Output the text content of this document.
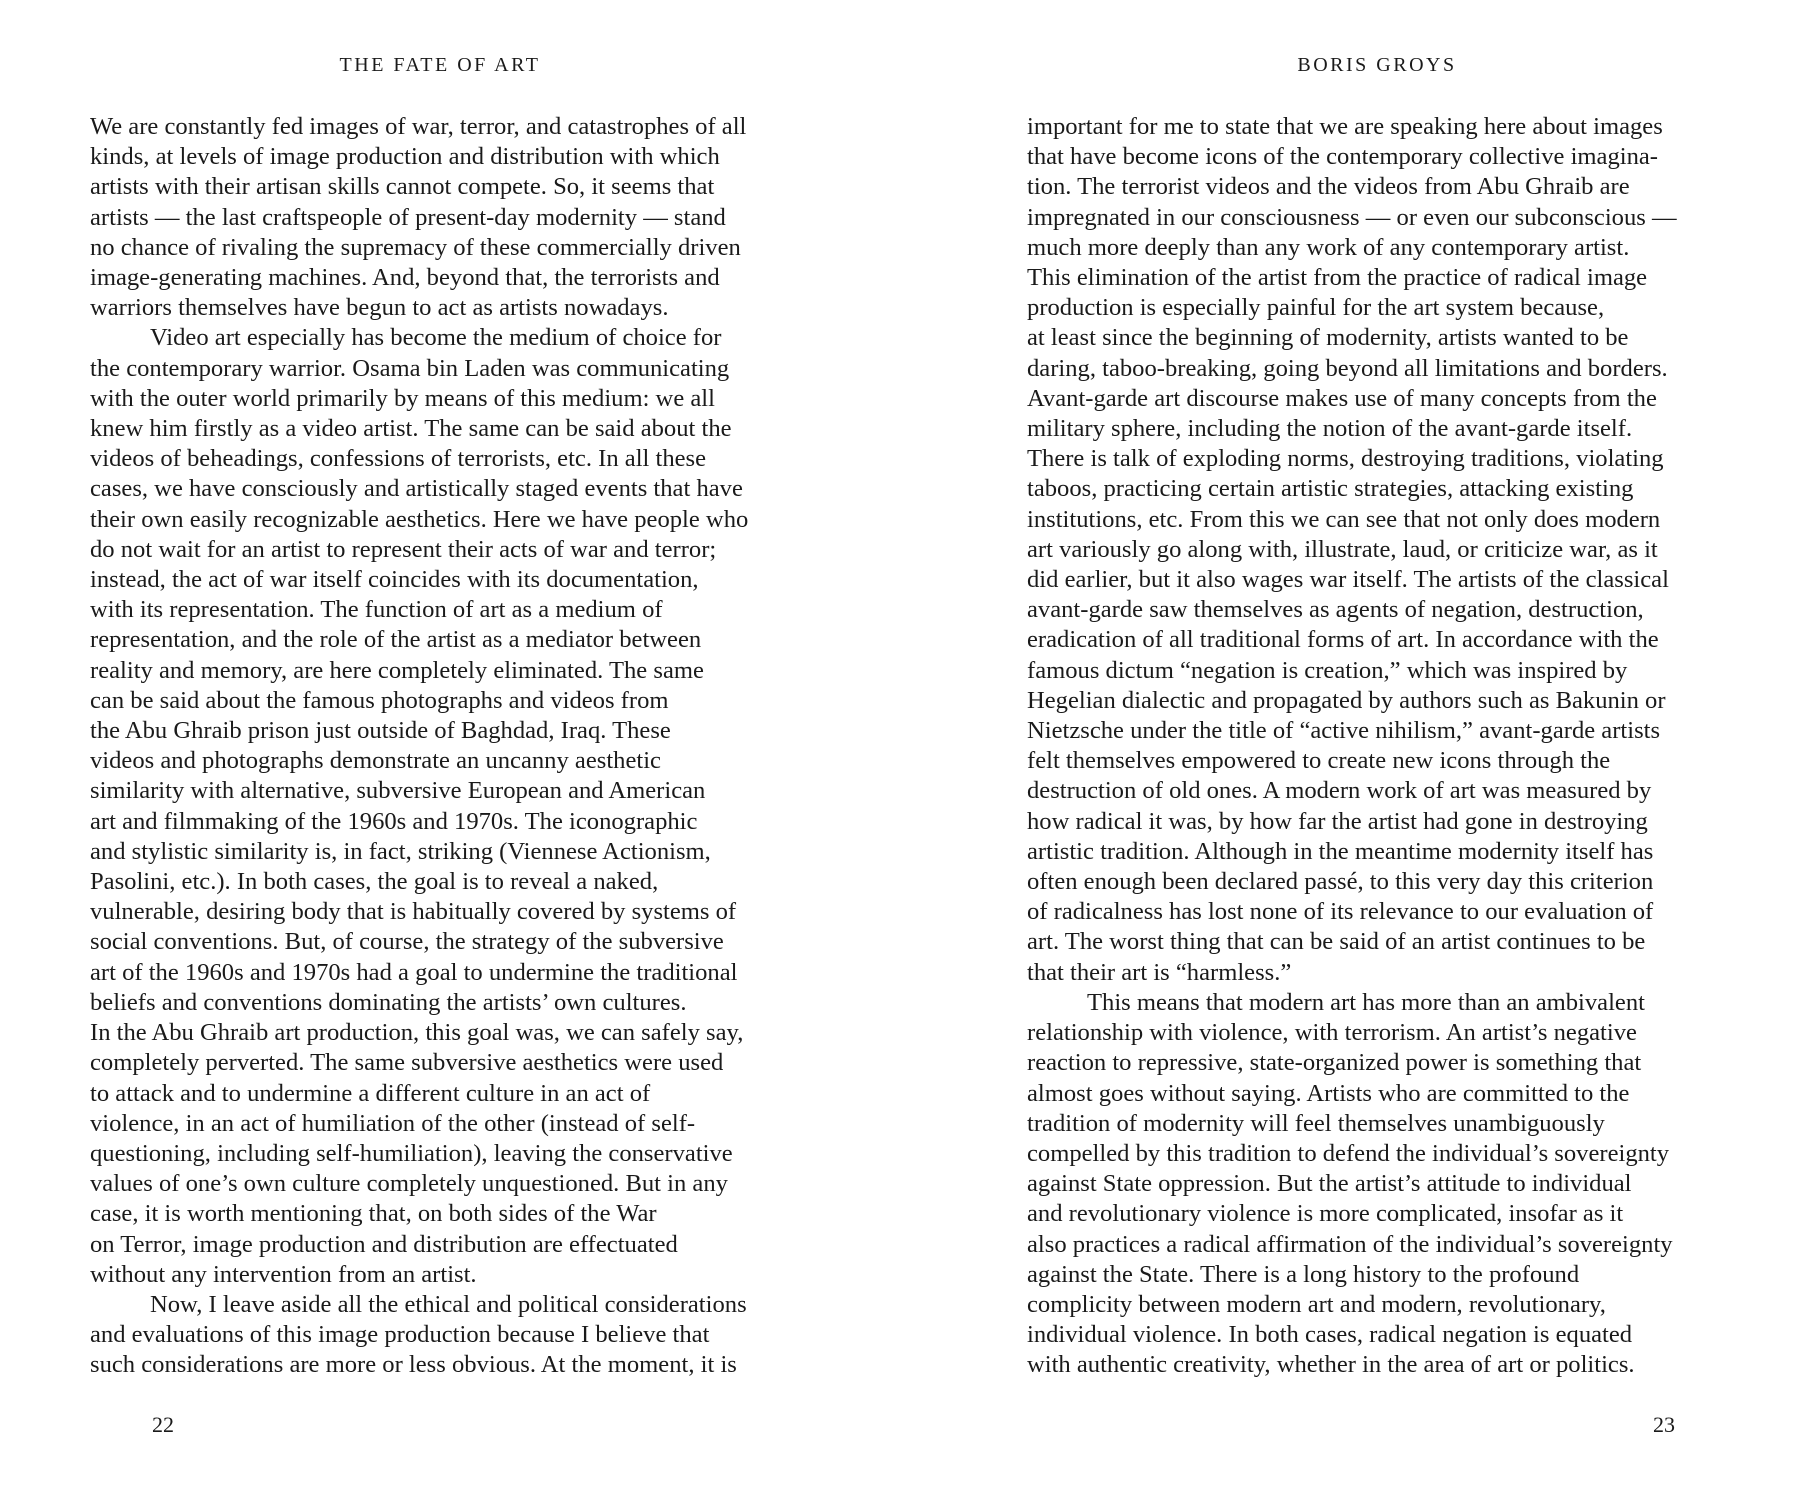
THE FATE OF ART
We are constantly fed images of war, terror, and catastrophes of all
kinds, at levels of image production and distribution with which
artists with their artisan skills cannot compete. So, it seems that
artists — the last craftspeople of present-day modernity — stand
no chance of rivaling the supremacy of these commercially driven
image-generating machines. And, beyond that, the terrorists and
warriors themselves have begun to act as artists nowadays.
Video art especially has become the medium of choice for
the contemporary warrior. Osama bin Laden was communicating
with the outer world primarily by means of this medium: we all
knew him firstly as a video artist. The same can be said about the
videos of beheadings, confessions of terrorists, etc. In all these
cases, we have consciously and artistically staged events that have
their own easily recognizable aesthetics. Here we have people who
do not wait for an artist to represent their acts of war and terror;
instead, the act of war itself coincides with its documentation,
with its representation. The function of art as a medium of
representation, and the role of the artist as a mediator between
reality and memory, are here completely eliminated. The same
can be said about the famous photographs and videos from
the Abu Ghraib prison just outside of Baghdad, Iraq. These
videos and photographs demonstrate an uncanny aesthetic
similarity with alternative, subversive European and American
art and filmmaking of the 1960s and 1970s. The iconographic
and stylistic similarity is, in fact, striking (Viennese Actionism,
Pasolini, etc.). In both cases, the goal is to reveal a naked,
vulnerable, desiring body that is habitually covered by systems of
social conventions. But, of course, the strategy of the subversive
art of the 1960s and 1970s had a goal to undermine the traditional
beliefs and conventions dominating the artists’ own cultures.
In the Abu Ghraib art production, this goal was, we can safely say,
completely perverted. The same subversive aesthetics were used
to attack and to undermine a different culture in an act of
violence, in an act of humiliation of the other (instead of self-
questioning, including self-humiliation), leaving the conservative
values of one’s own culture completely unquestioned. But in any
case, it is worth mentioning that, on both sides of the War
on Terror, image production and distribution are effectuated
without any intervention from an artist.
Now, I leave aside all the ethical and political considerations
and evaluations of this image production because I believe that
such considerations are more or less obvious. At the moment, it is
22
BORIS GROYS
important for me to state that we are speaking here about images
that have become icons of the contemporary collective imagina-
tion. The terrorist videos and the videos from Abu Ghraib are
impregnated in our consciousness — or even our subconscious —
much more deeply than any work of any contemporary artist.
This elimination of the artist from the practice of radical image
production is especially painful for the art system because,
at least since the beginning of modernity, artists wanted to be
daring, taboo-breaking, going beyond all limitations and borders.
Avant-garde art discourse makes use of many concepts from the
military sphere, including the notion of the avant-garde itself.
There is talk of exploding norms, destroying traditions, violating
taboos, practicing certain artistic strategies, attacking existing
institutions, etc. From this we can see that not only does modern
art variously go along with, illustrate, laud, or criticize war, as it
did earlier, but it also wages war itself. The artists of the classical
avant-garde saw themselves as agents of negation, destruction,
eradication of all traditional forms of art. In accordance with the
famous dictum “negation is creation,” which was inspired by
Hegelian dialectic and propagated by authors such as Bakunin or
Nietzsche under the title of “active nihilism,” avant-garde artists
felt themselves empowered to create new icons through the
destruction of old ones. A modern work of art was measured by
how radical it was, by how far the artist had gone in destroying
artistic tradition. Although in the meantime modernity itself has
often enough been declared passé, to this very day this criterion
of radicalness has lost none of its relevance to our evaluation of
art. The worst thing that can be said of an artist continues to be
that their art is “harmless.”
This means that modern art has more than an ambivalent
relationship with violence, with terrorism. An artist’s negative
reaction to repressive, state-organized power is something that
almost goes without saying. Artists who are committed to the
tradition of modernity will feel themselves unambiguously
compelled by this tradition to defend the individual’s sovereignty
against State oppression. But the artist’s attitude to individual
and revolutionary violence is more complicated, insofar as it
also practices a radical affirmation of the individual’s sovereignty
against the State. There is a long history to the profound
complicity between modern art and modern, revolutionary,
individual violence. In both cases, radical negation is equated
with authentic creativity, whether in the area of art or politics.
23
